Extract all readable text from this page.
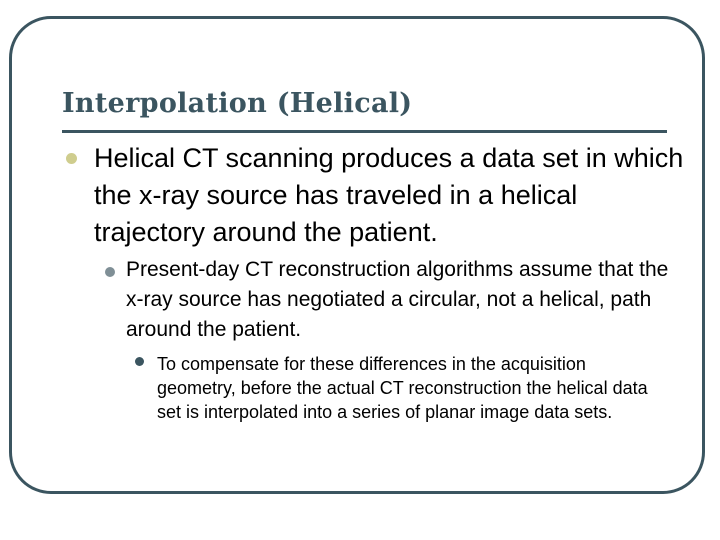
Interpolation (Helical)
Helical CT scanning produces a data set in which the x-ray source has traveled in a helical trajectory around the patient.
Present-day CT reconstruction algorithms assume that the x-ray source has negotiated a circular, not a helical, path around the patient.
To compensate for these differences in the acquisition geometry, before the actual CT reconstruction the helical data set is interpolated into a series of planar image data sets.
